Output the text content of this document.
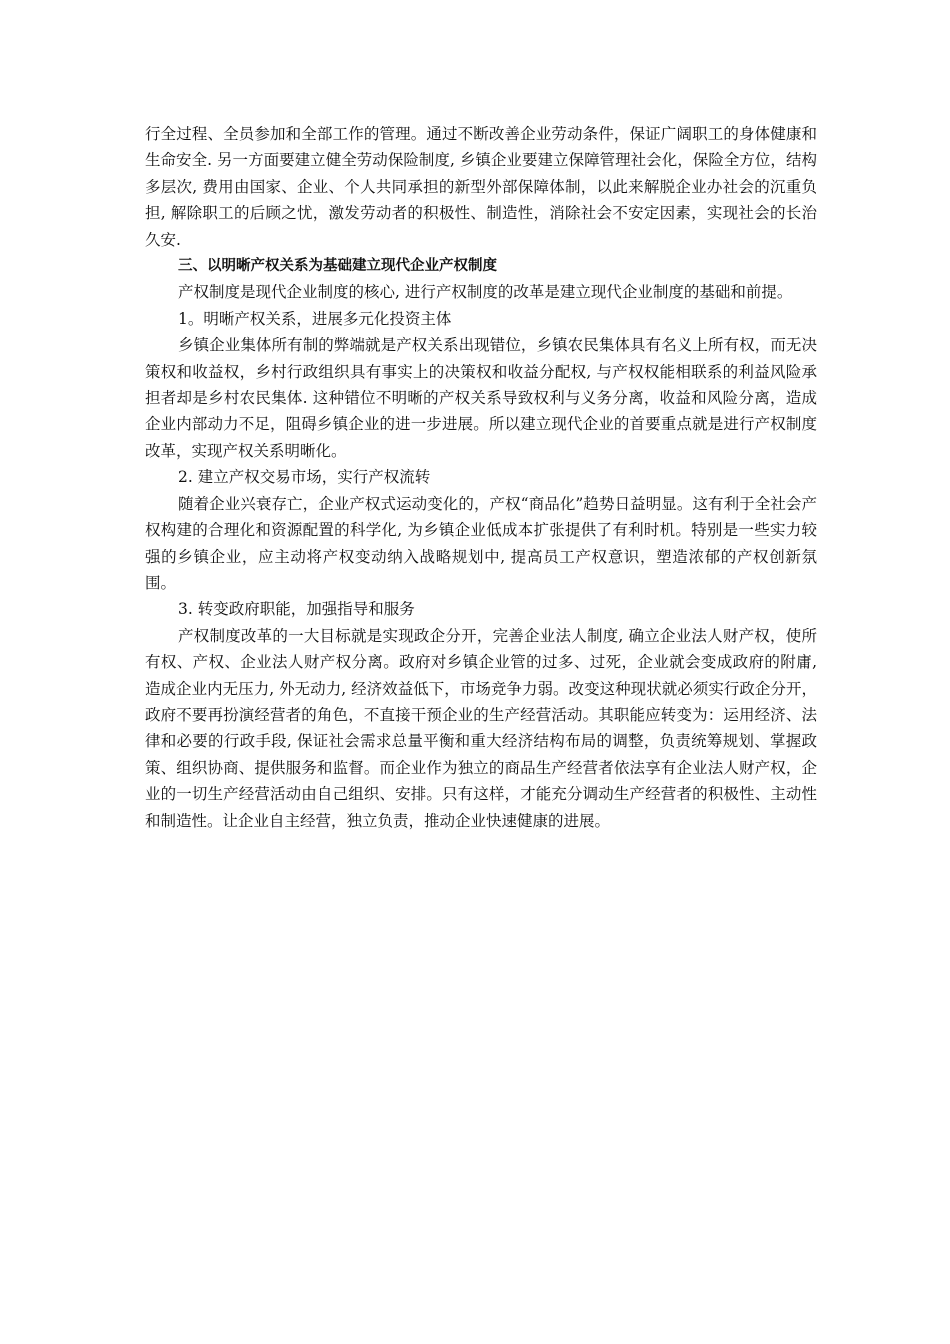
行全过程、全员参加和全部工作的管理。通过不断改善企业劳动条件，保证广阔职工的身体健康和生命安全. 另一方面要建立健全劳动保险制度, 乡镇企业要建立保障管理社会化，保险全方位，结构多层次, 费用由国家、企业、个人共同承担的新型外部保障体制，以此来解脱企业办社会的沉重负担, 解除职工的后顾之忧，激发劳动者的积极性、制造性，消除社会不安定因素，实现社会的长治久安.

三、以明晰产权关系为基础建立现代企业产权制度

产权制度是现代企业制度的核心, 进行产权制度的改革是建立现代企业制度的基础和前提。

1。明晰产权关系，进展多元化投资主体

乡镇企业集体所有制的弊端就是产权关系出现错位，乡镇农民集体具有名义上所有权，而无决策权和收益权，乡村行政组织具有事实上的决策权和收益分配权, 与产权权能相联系的利益风险承担者却是乡村农民集体. 这种错位不明晰的产权关系导致权利与义务分离，收益和风险分离，造成企业内部动力不足，阻碍乡镇企业的进一步进展。所以建立现代企业的首要重点就是进行产权制度改革，实现产权关系明晰化。

2. 建立产权交易市场，实行产权流转

随着企业兴衰存亡，企业产权式运动变化的，产权“商品化”趋势日益明显。这有利于全社会产权构建的合理化和资源配置的科学化, 为乡镇企业低成本扩张提供了有利时机。特别是一些实力较强的乡镇企业，应主动将产权变动纳入战略规划中, 提高员工产权意识，塑造浓郁的产权创新氛围。

3. 转变政府职能，加强指导和服务

产权制度改革的一大目标就是实现政企分开，完善企业法人制度, 确立企业法人财产权，使所有权、产权、企业法人财产权分离。政府对乡镇企业管的过多、过死，企业就会变成政府的附庸, 造成企业内无压力, 外无动力, 经济效益低下，市场竞争力弱。改变这种现状就必须实行政企分开，政府不要再扮演经营者的角色，不直接干预企业的生产经营活动。其职能应转变为：运用经济、法律和必要的行政手段, 保证社会需求总量平衡和重大经济结构布局的调整，负责统筹规划、掌握政策、组织协商、提供服务和监督。而企业作为独立的商品生产经营者依法享有企业法人财产权，企业的一切生产经营活动由自己组织、安排。只有这样，才能充分调动生产经营者的积极性、主动性和制造性。让企业自主经营，独立负责，推动企业快速健康的进展。
